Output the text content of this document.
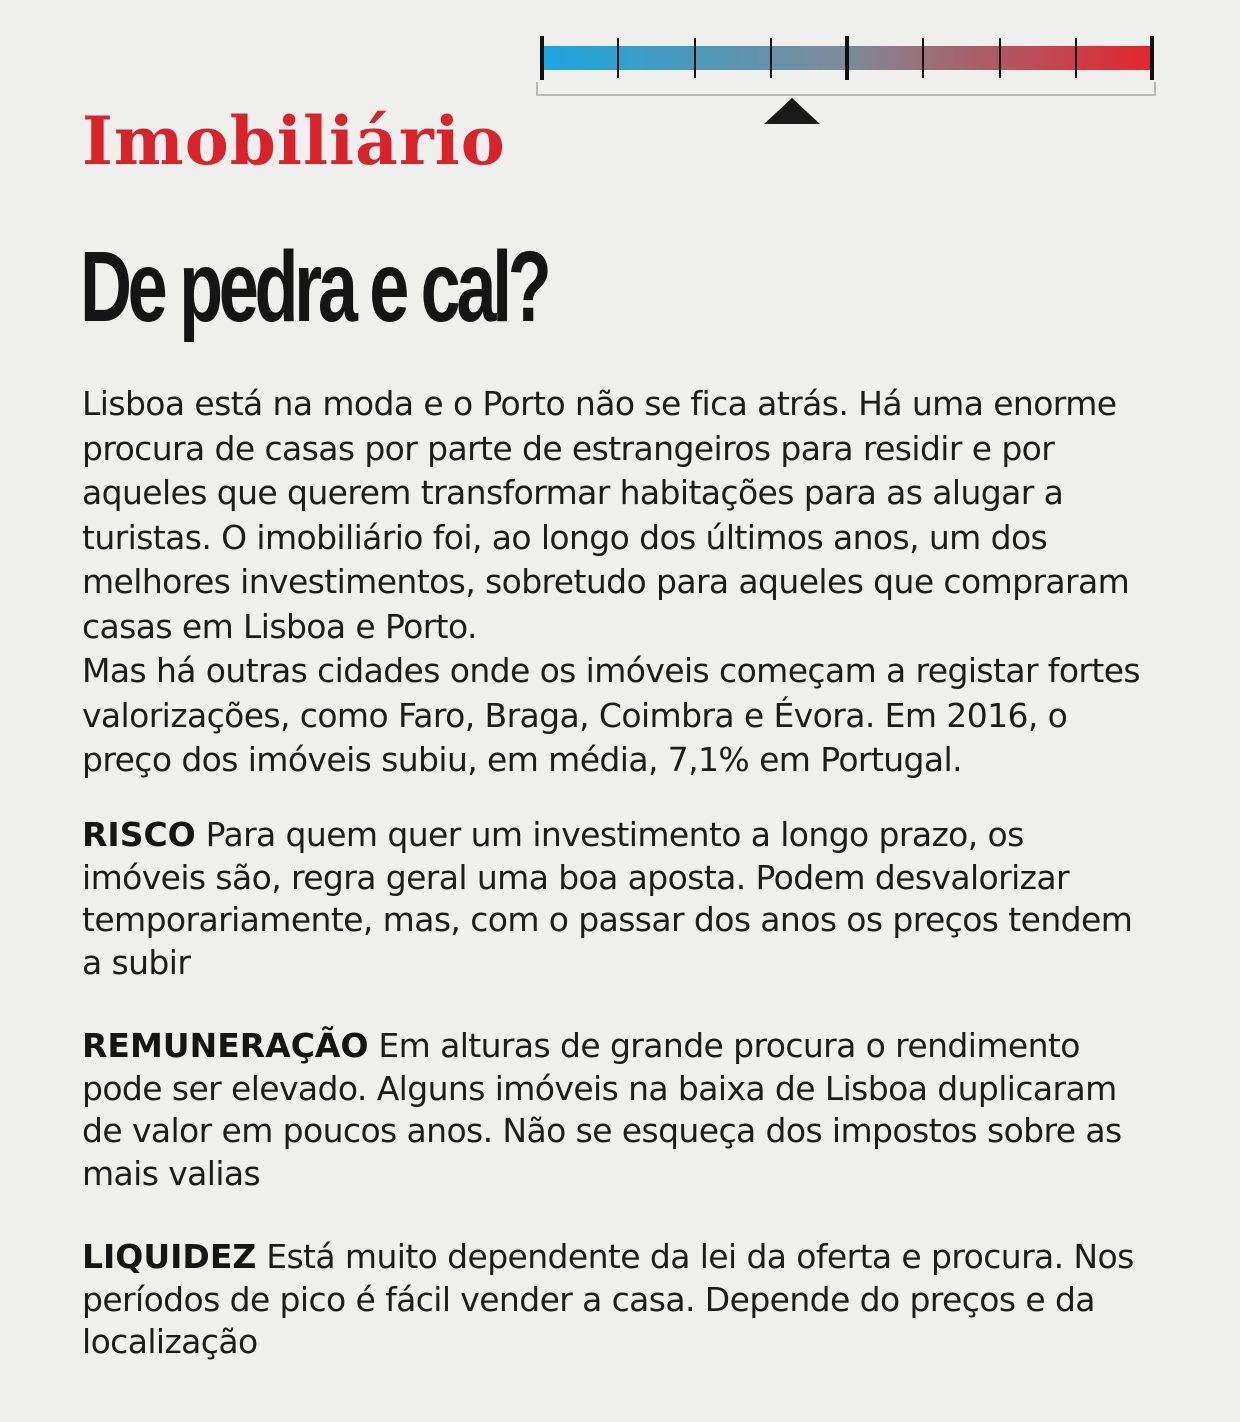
Imobiliário
De pedra e cal?

Lisboa está na moda e o Porto não se fica atrás. Há uma enorme procura de casas por parte de estrangeiros para residir e por aqueles que querem transformar habitações para as alugar a turistas. O imobiliário foi, ao longo dos últimos anos, um dos melhores investimentos, sobretudo para aqueles que compraram casas em Lisboa e Porto.

Mas há outras cidades onde os imóveis começam a registar fortes valorizações, como Faro, Braga, Coimbra e Évora. Em 2016, o preço dos imóveis subiu, em média, 7,1% em Portugal.

RISCO Para quem quer um investimento a longo prazo, os imóveis são, regra geral uma boa aposta. Podem desvalorizar temporariamente, mas, com o passar dos anos os preços tendem a subir
REMUNERAÇÃO Em alturas de grande procura o rendimento pode ser elevado. Alguns imóveis na baixa de Lisboa duplicaram de valor em poucos anos. Não se esqueça dos impostos sobre as mais valias
LIQUIDEZ Está muito dependente da lei da oferta e procura. Nos períodos de pico é fácil vender a casa. Depende do preços e da localização
